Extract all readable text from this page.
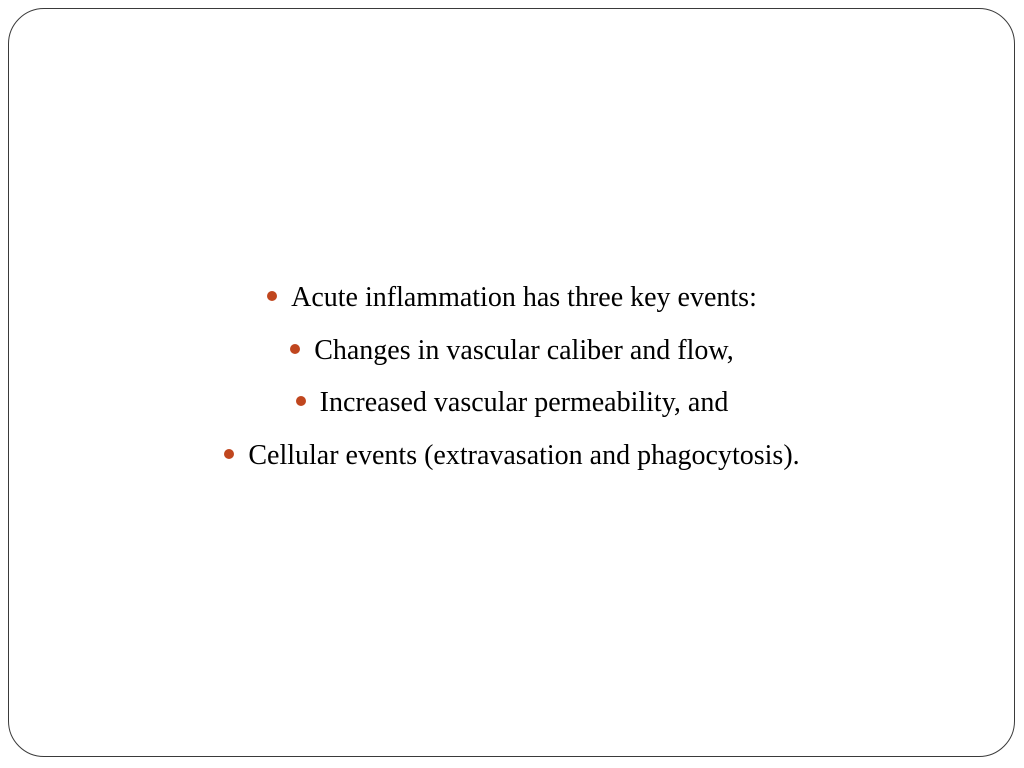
Acute inflammation has three key events:
Changes in vascular caliber and flow,
Increased vascular permeability, and
Cellular events (extravasation and phagocytosis).
